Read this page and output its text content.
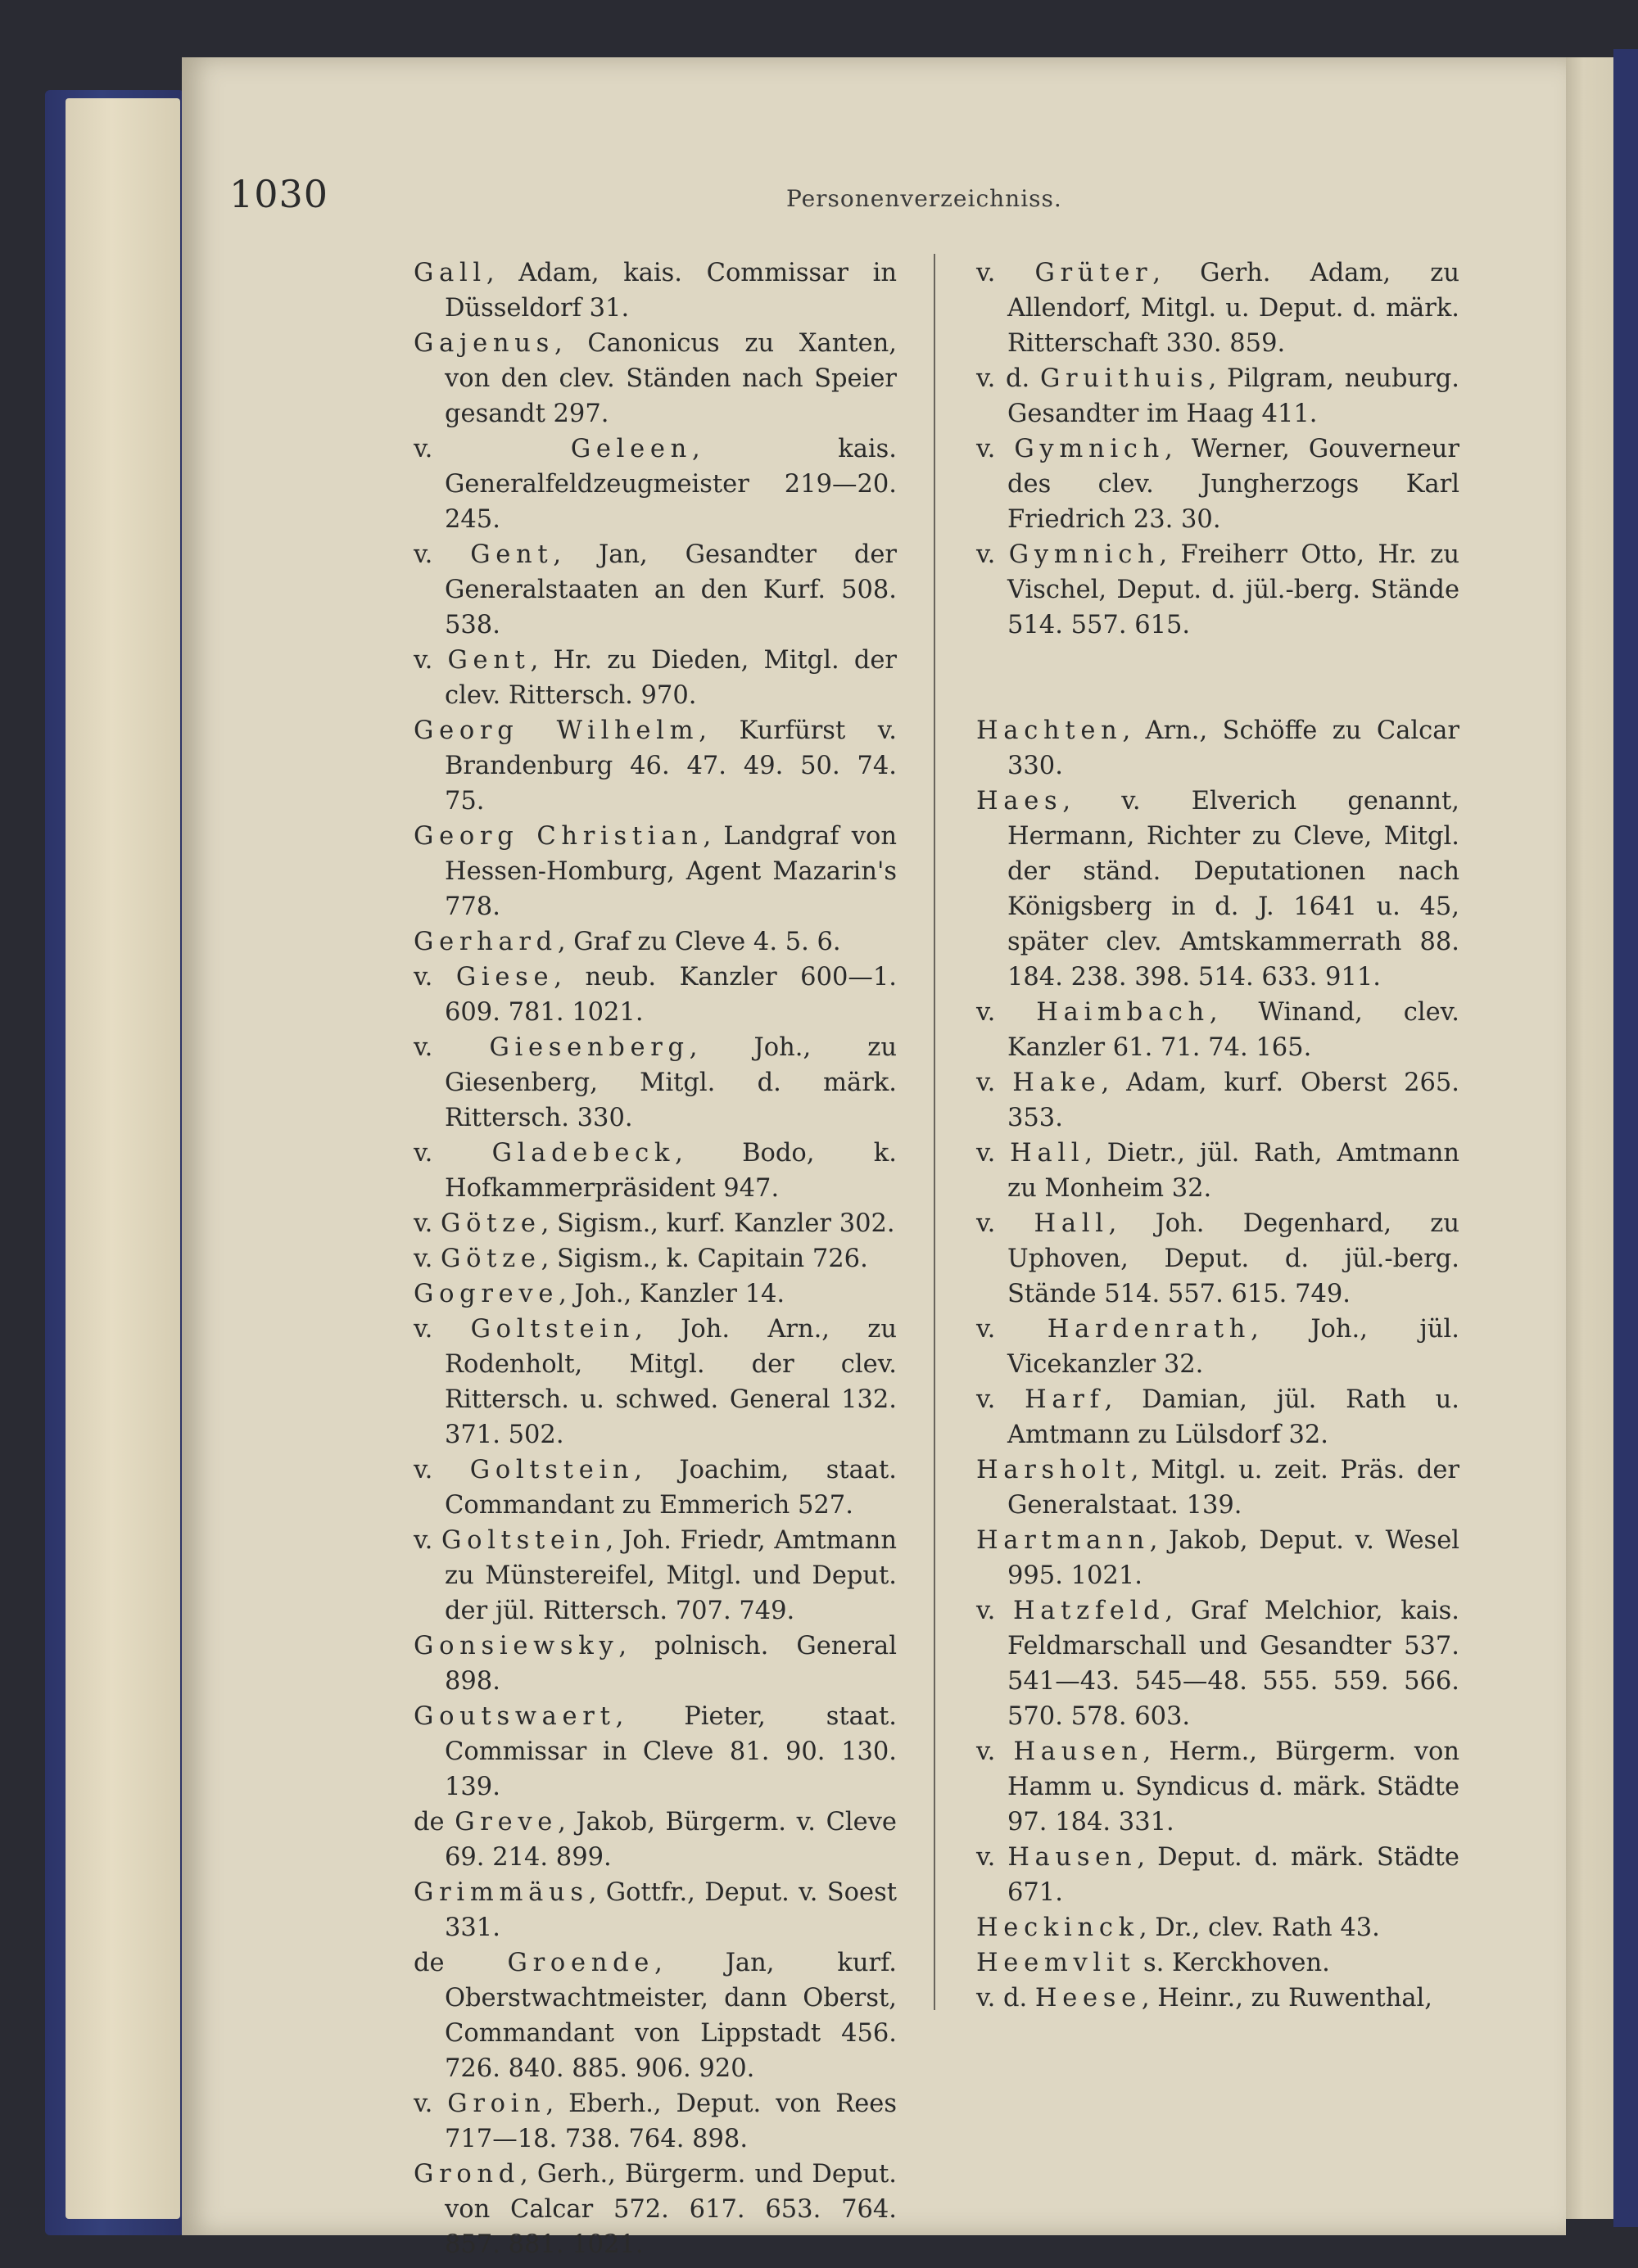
1030	Personenverzeichniss.
Gall, Adam, kais. Commissar in Düsseldorf 31.
Gajenus, Canonicus zu Xanten, von den clev. Ständen nach Speier gesandt 297.
v. Geleen, kais. Generalfeldzeugmeister 219—20. 245.
v. Gent, Jan, Gesandter der Generalstaaten an den Kurf. 508. 538.
v. Gent, Hr. zu Dieden, Mitgl. der clev. Rittersch. 970.
Georg Wilhelm, Kurfürst v. Brandenburg 46. 47. 49. 50. 74. 75.
Georg Christian, Landgraf von Hessen-Homburg, Agent Mazarin's 778.
Gerhard, Graf zu Cleve 4. 5. 6.
v. Giese, neub. Kanzler 600—1. 609. 781. 1021.
v. Giesenberg, Joh., zu Giesenberg, Mitgl. d. märk. Rittersch. 330.
v. Gladebeck, Bodo, k. Hofkammerpräsident 947.
v. Götze, Sigism., kurf. Kanzler 302.
v. Götze, Sigism., k. Capitain 726.
Gogreve, Joh., Kanzler 14.
v. Goltstein, Joh. Arn., zu Rodenholt, Mitgl. der clev. Rittersch. u. schwed. General 132. 371. 502.
v. Goltstein, Joachim, staat. Commandant zu Emmerich 527.
v. Goltstein, Joh. Friedr, Amtmann zu Münstereifel, Mitgl. und Deput. der jül. Rittersch. 707. 749.
Gonsiewsky, polnisch. General 898.
Goutswaert, Pieter, staat. Commissar in Cleve 81. 90. 130. 139.
de Greve, Jakob, Bürgerm. v. Cleve 69. 214. 899.
Grimmäus, Gottfr., Deput. v. Soest 331.
de Groende, Jan, kurf. Oberstwachtmeister, dann Oberst, Commandant von Lippstadt 456. 726. 840. 885. 906. 920.
v. Groin, Eberh., Deput. von Rees 717—18. 738. 764. 898.
Grond, Gerh., Bürgerm. und Deput. von Calcar 572. 617. 653. 764. 857. 881. 1021.
v. Grüter, Gerh. Adam, zu Allendorf, Mitgl. u. Deput. d. märk. Ritterschaft 330. 859.
v. d. Gruithuis, Pilgram, neuburg. Gesandter im Haag 411.
v. Gymnich, Werner, Gouverneur des clev. Jungherzogs Karl Friedrich 23. 30.
v. Gymnich, Freiherr Otto, Hr. zu Vischel, Deput. d. jül.-berg. Stände 514. 557. 615.
Hachten, Arn., Schöffe zu Calcar 330.
Haes, v. Elverich genannt, Hermann, Richter zu Cleve, Mitgl. der ständ. Deputationen nach Königsberg in d. J. 1641 u. 45, später clev. Amtskammerrath 88. 184. 238. 398. 514. 633. 911.
v. Haimbach, Winand, clev. Kanzler 61. 71. 74. 165.
v. Hake, Adam, kurf. Oberst 265. 353.
v. Hall, Dietr., jül. Rath, Amtmann zu Monheim 32.
v. Hall, Joh. Degenhard, zu Uphoven, Deput. d. jül.-berg. Stände 514. 557. 615. 749.
v. Hardenrath, Joh., jül. Vicekanzler 32.
v. Harf, Damian, jül. Rath u. Amtmann zu Lülsdorf 32.
Harsholt, Mitgl. u. zeit. Präs. der Generalstaat. 139.
Hartmann, Jakob, Deput. v. Wesel 995. 1021.
v. Hatzfeld, Graf Melchior, kais. Feldmarschall und Gesandter 537. 541—43. 545—48. 555. 559. 566. 570. 578. 603.
v. Hausen, Herm., Bürgerm. von Hamm u. Syndicus d. märk. Städte 97. 184. 331.
v. Hausen, Deput. d. märk. Städte 671.
Heckinck, Dr., clev. Rath 43.
Heemvlit s. Kerckhoven.
v. d. Heese, Heinr., zu Ruwenthal,
